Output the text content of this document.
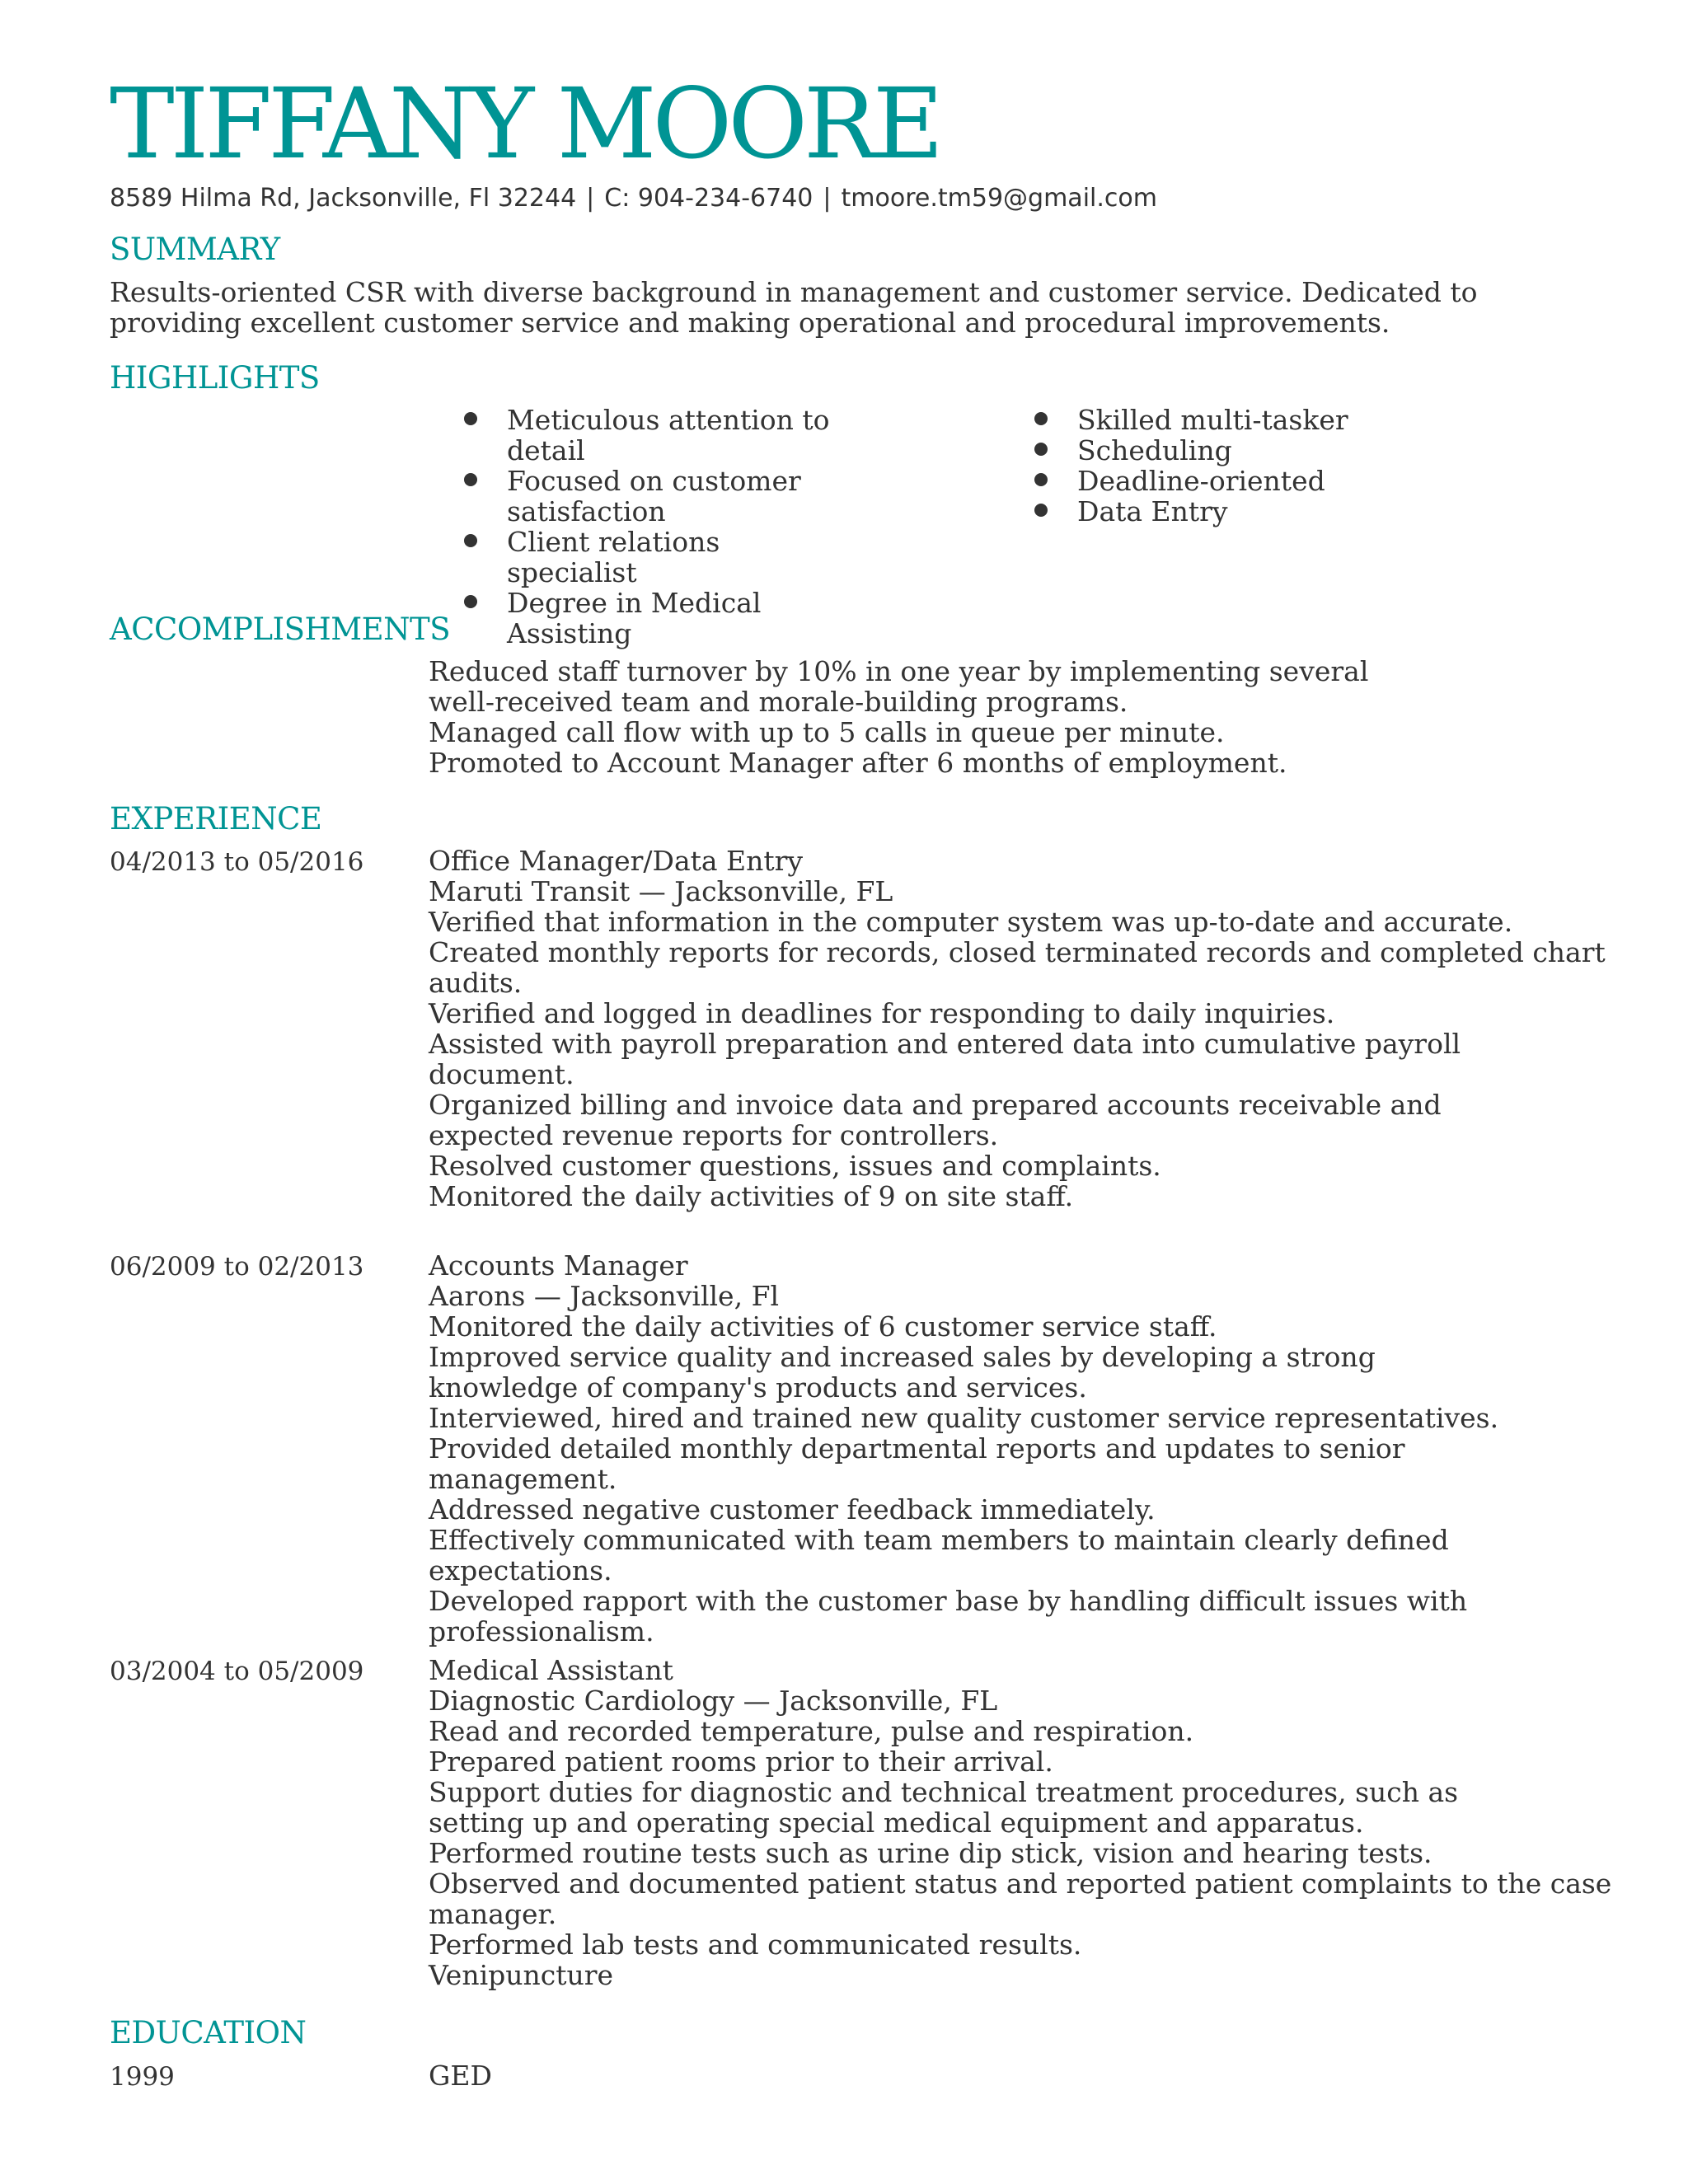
TIFFANY MOORE
8589 Hilma Rd, Jacksonville, Fl 32244 | C: 904-234-6740 | tmoore.tm59@gmail.com
SUMMARY
Results-oriented CSR with diverse background in management and customer service. Dedicated to providing excellent customer service and making operational and procedural improvements.
HIGHLIGHTS
Meticulous attention to detail
Focused on customer satisfaction
Client relations specialist
Degree in Medical Assisting
Skilled multi-tasker
Scheduling
Deadline-oriented
Data Entry
ACCOMPLISHMENTS

Reduced staff turnover by 10% in one year by implementing several well-received team and morale-building programs.

Managed call flow with up to 5 calls in queue per minute.

Promoted to Account Manager after 6 months of employment.

EXPERIENCE
04/2013 to 05/2016 Office Manager/Data Entry

Maruti Transit — Jacksonville, FL

Verified that information in the computer system was up-to-date and accurate.

Created monthly reports for records, closed terminated records and completed chart audits.

Verified and logged in deadlines for responding to daily inquiries.

Assisted with payroll preparation and entered data into cumulative payroll document.

Organized billing and invoice data and prepared accounts receivable and expected revenue reports for controllers.

Resolved customer questions, issues and complaints.

Monitored the daily activities of 9 on site staff.

06/2009 to 02/2013 Accounts Manager

Aarons — Jacksonville, Fl

Monitored the daily activities of 6 customer service staff.

Improved service quality and increased sales by developing a strong knowledge of company's products and services.

Interviewed, hired and trained new quality customer service representatives.

Provided detailed monthly departmental reports and updates to senior management.

Addressed negative customer feedback immediately.

Effectively communicated with team members to maintain clearly defined expectations.

Developed rapport with the customer base by handling difficult issues with professionalism.

03/2004 to 05/2009 Medical Assistant

Diagnostic Cardiology — Jacksonville, FL

Read and recorded temperature, pulse and respiration.

Prepared patient rooms prior to their arrival.

Support duties for diagnostic and technical treatment procedures, such as setting up and operating special medical equipment and apparatus.

Performed routine tests such as urine dip stick, vision and hearing tests.

Observed and documented patient status and reported patient complaints to the case manager.

Performed lab tests and communicated results.

Venipuncture

EDUCATION
1999	GED
